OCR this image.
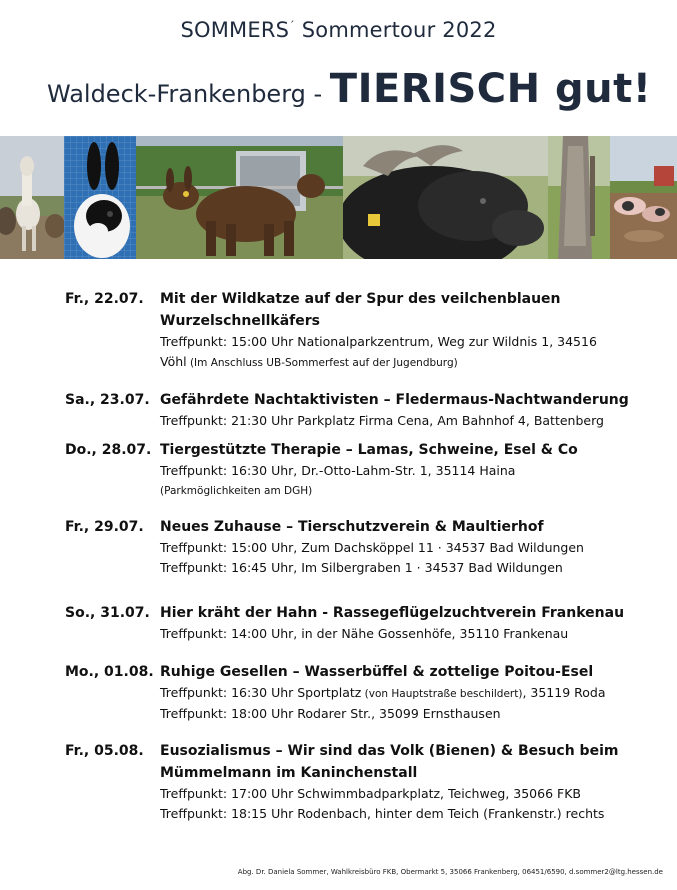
SOMMERS´ Sommertour 2022
Waldeck-Frankenberg - TIERISCH gut!
Fr., 22.07. Mit der Wildkatze auf der Spur des veilchenblauen
Wurzelschnellkäfers
Treffpunkt: 15:00 Uhr Nationalparkzentrum, Weg zur Wildnis 1, 34516
Vöhl (Im Anschluss UB-Sommerfest auf der Jugendburg)
Sa., 23.07. Gefährdete Nachtaktivisten – Fledermaus-Nachtwanderung
Treffpunkt: 21:30 Uhr Parkplatz Firma Cena, Am Bahnhof 4, Battenberg
Do., 28.07. Tiergestützte Therapie – Lamas, Schweine, Esel & Co
Treffpunkt: 16:30 Uhr, Dr.-Otto-Lahm-Str. 1, 35114 Haina
(Parkmöglichkeiten am DGH)
Fr., 29.07. Neues Zuhause – Tierschutzverein & Maultierhof
Treffpunkt: 15:00 Uhr, Zum Dachsköppel 11 · 34537 Bad Wildungen
Treffpunkt: 16:45 Uhr, Im Silbergraben 1 · 34537 Bad Wildungen
So., 31.07. Hier kräht der Hahn - Rassegeflügelzuchtverein Frankenau
Treffpunkt: 14:00 Uhr, in der Nähe Gossenhöfe, 35110 Frankenau
Mo., 01.08. Ruhige Gesellen – Wasserbüffel & zottelige Poitou-Esel
Treffpunkt: 16:30 Uhr Sportplatz (von Hauptstraße beschildert), 35119 Roda
Treffpunkt: 18:00 Uhr Rodarer Str., 35099 Ernsthausen
Fr., 05.08. Eusozialismus – Wir sind das Volk (Bienen) & Besuch beim
Mümmelmann im Kaninchenstall
Treffpunkt: 17:00 Uhr Schwimmbadparkplatz, Teichweg, 35066 FKB
Treffpunkt: 18:15 Uhr Rodenbach, hinter dem Teich (Frankenstr.) rechts
Abg. Dr. Daniela Sommer, Wahlkreisbüro FKB, Obermarkt 5, 35066 Frankenberg, 06451/6590, d.sommer2@ltg.hessen.de
